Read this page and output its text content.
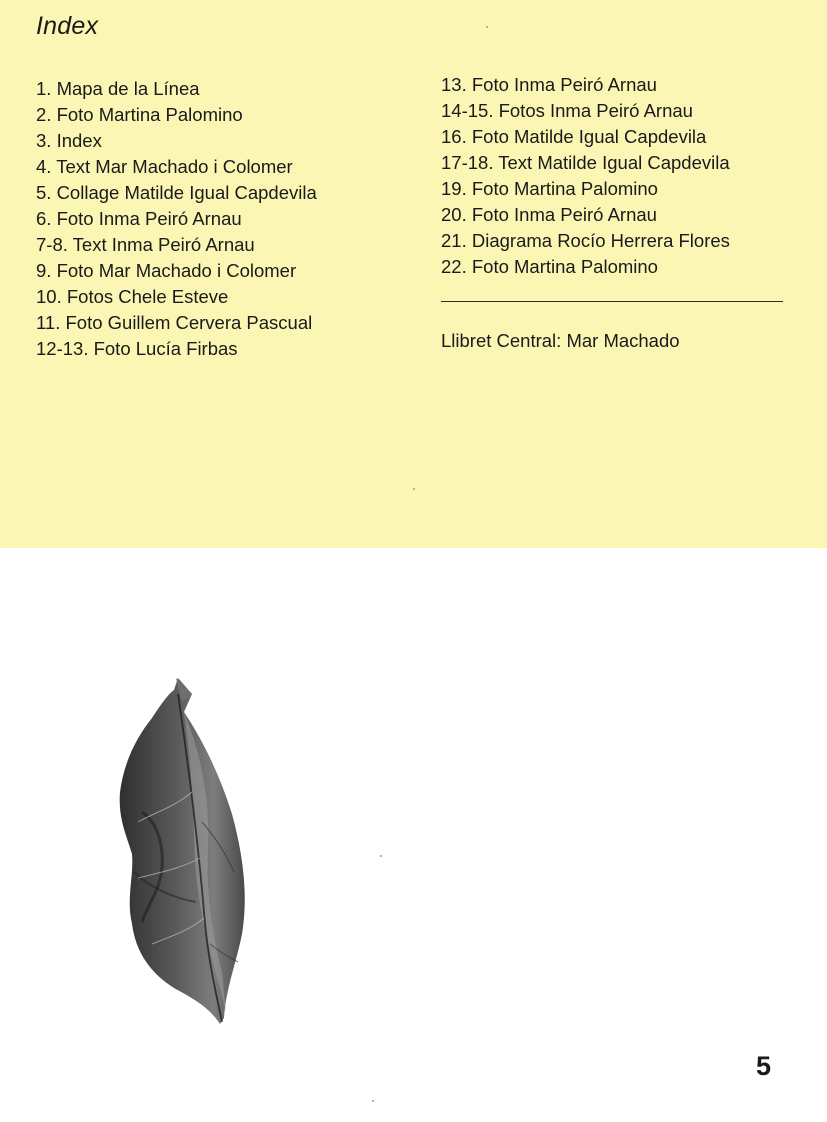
Index
1. Mapa de la Línea
2. Foto Martina Palomino
3. Index
4. Text Mar Machado i Colomer
5. Collage Matilde Igual Capdevila
6. Foto Inma Peiró Arnau
7-8. Text Inma Peiró Arnau
9. Foto Mar Machado i Colomer
10. Fotos Chele Esteve
11. Foto Guillem Cervera Pascual
12-13. Foto Lucía Firbas
13. Foto Inma Peiró Arnau
14-15. Fotos Inma Peiró Arnau
16. Foto Matilde Igual Capdevila
17-18. Text Matilde Igual Capdevila
19. Foto Martina Palomino
20. Foto Inma Peiró Arnau
21. Diagrama Rocío Herrera Flores
22. Foto Martina Palomino
Llibret Central: Mar Machado
5
